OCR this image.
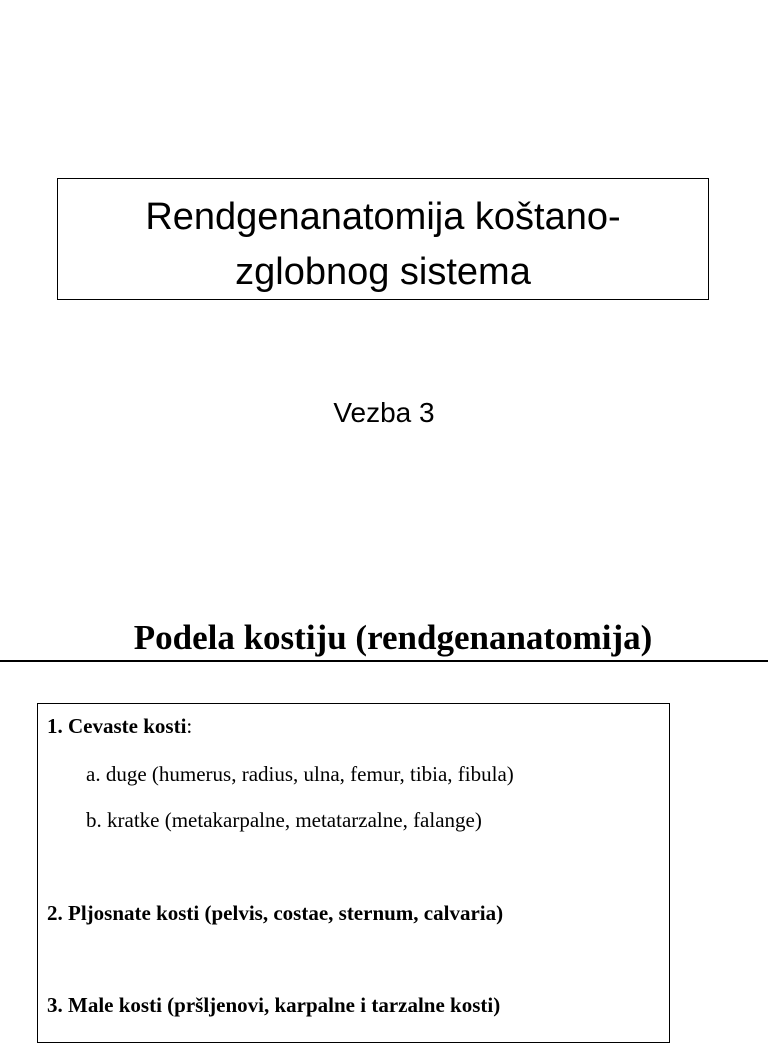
Rendgenanatomija koštano-
zglobnog sistema
Vezba 3
Podela kostiju (rendgenanatomija)
1. Cevaste kosti:
a. duge (humerus, radius, ulna, femur, tibia, fibula)
b. kratke (metakarpalne, metatarzalne, falange)
2. Pljosnate kosti (pelvis, costae, sternum, calvaria)
3. Male kosti (pršljenovi, karpalne i tarzalne kosti)
